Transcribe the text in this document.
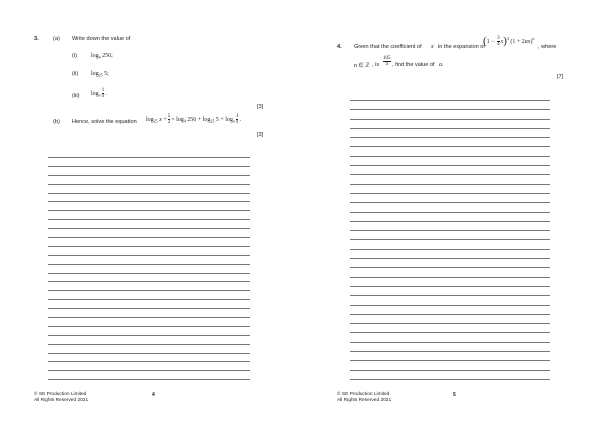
3.	(a) Write down the value of
(i) $\log_4 256$;
(ii) $\log_{25} 5$;
(iii) $\log_\pi \frac{1}{\pi}$ .
[3]
(b) Hence, solve the equation $\log_{25} x + \frac{5}{2} = \log_4 256 + \log_{25} 5 + \log_\pi \frac{1}{\pi}$ .
[3]
© SE Production Limited
All Rights Reserved 2021
4
4. Given that the coefficient of x in the expansion of
$(1 - \frac{3}{4} x)^3$ $(1 + 2ax)^n$
, where
n ∈ ℤ , is $\frac{105}{4}$ , find the value of a.
[7]
© SE Production Limited
All Rights Reserved 2021
5
